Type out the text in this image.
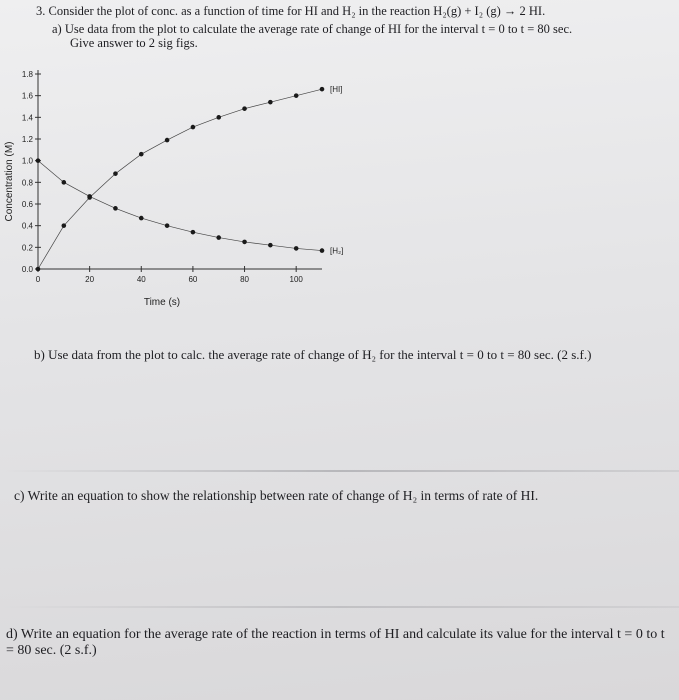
3. Consider the plot of conc. as a function of time for HI and H₂ in the reaction H₂(g) + I₂ (g) → 2 HI.
a) Use data from the plot to calculate the average rate of change of HI for the interval t = 0 to t = 80 sec.
Give answer to 2 sig figs.
0.0
0.2
0.4
0.6
0.8
1.0
1.2
1.4
1.6
1.8
0	20	40	60	80	100
Time (s)
Concentration (M)
[HI]
[H₂]
b) Use data from the plot to calc. the average rate of change of H₂ for the interval t = 0 to t = 80 sec. (2 s.f.)
c) Write an equation to show the relationship between rate of change of H₂ in terms of rate of HI.
d) Write an equation for the average rate of the reaction in terms of HI and calculate its value for the interval t = 0 to t = 80 sec. (2 s.f.)
